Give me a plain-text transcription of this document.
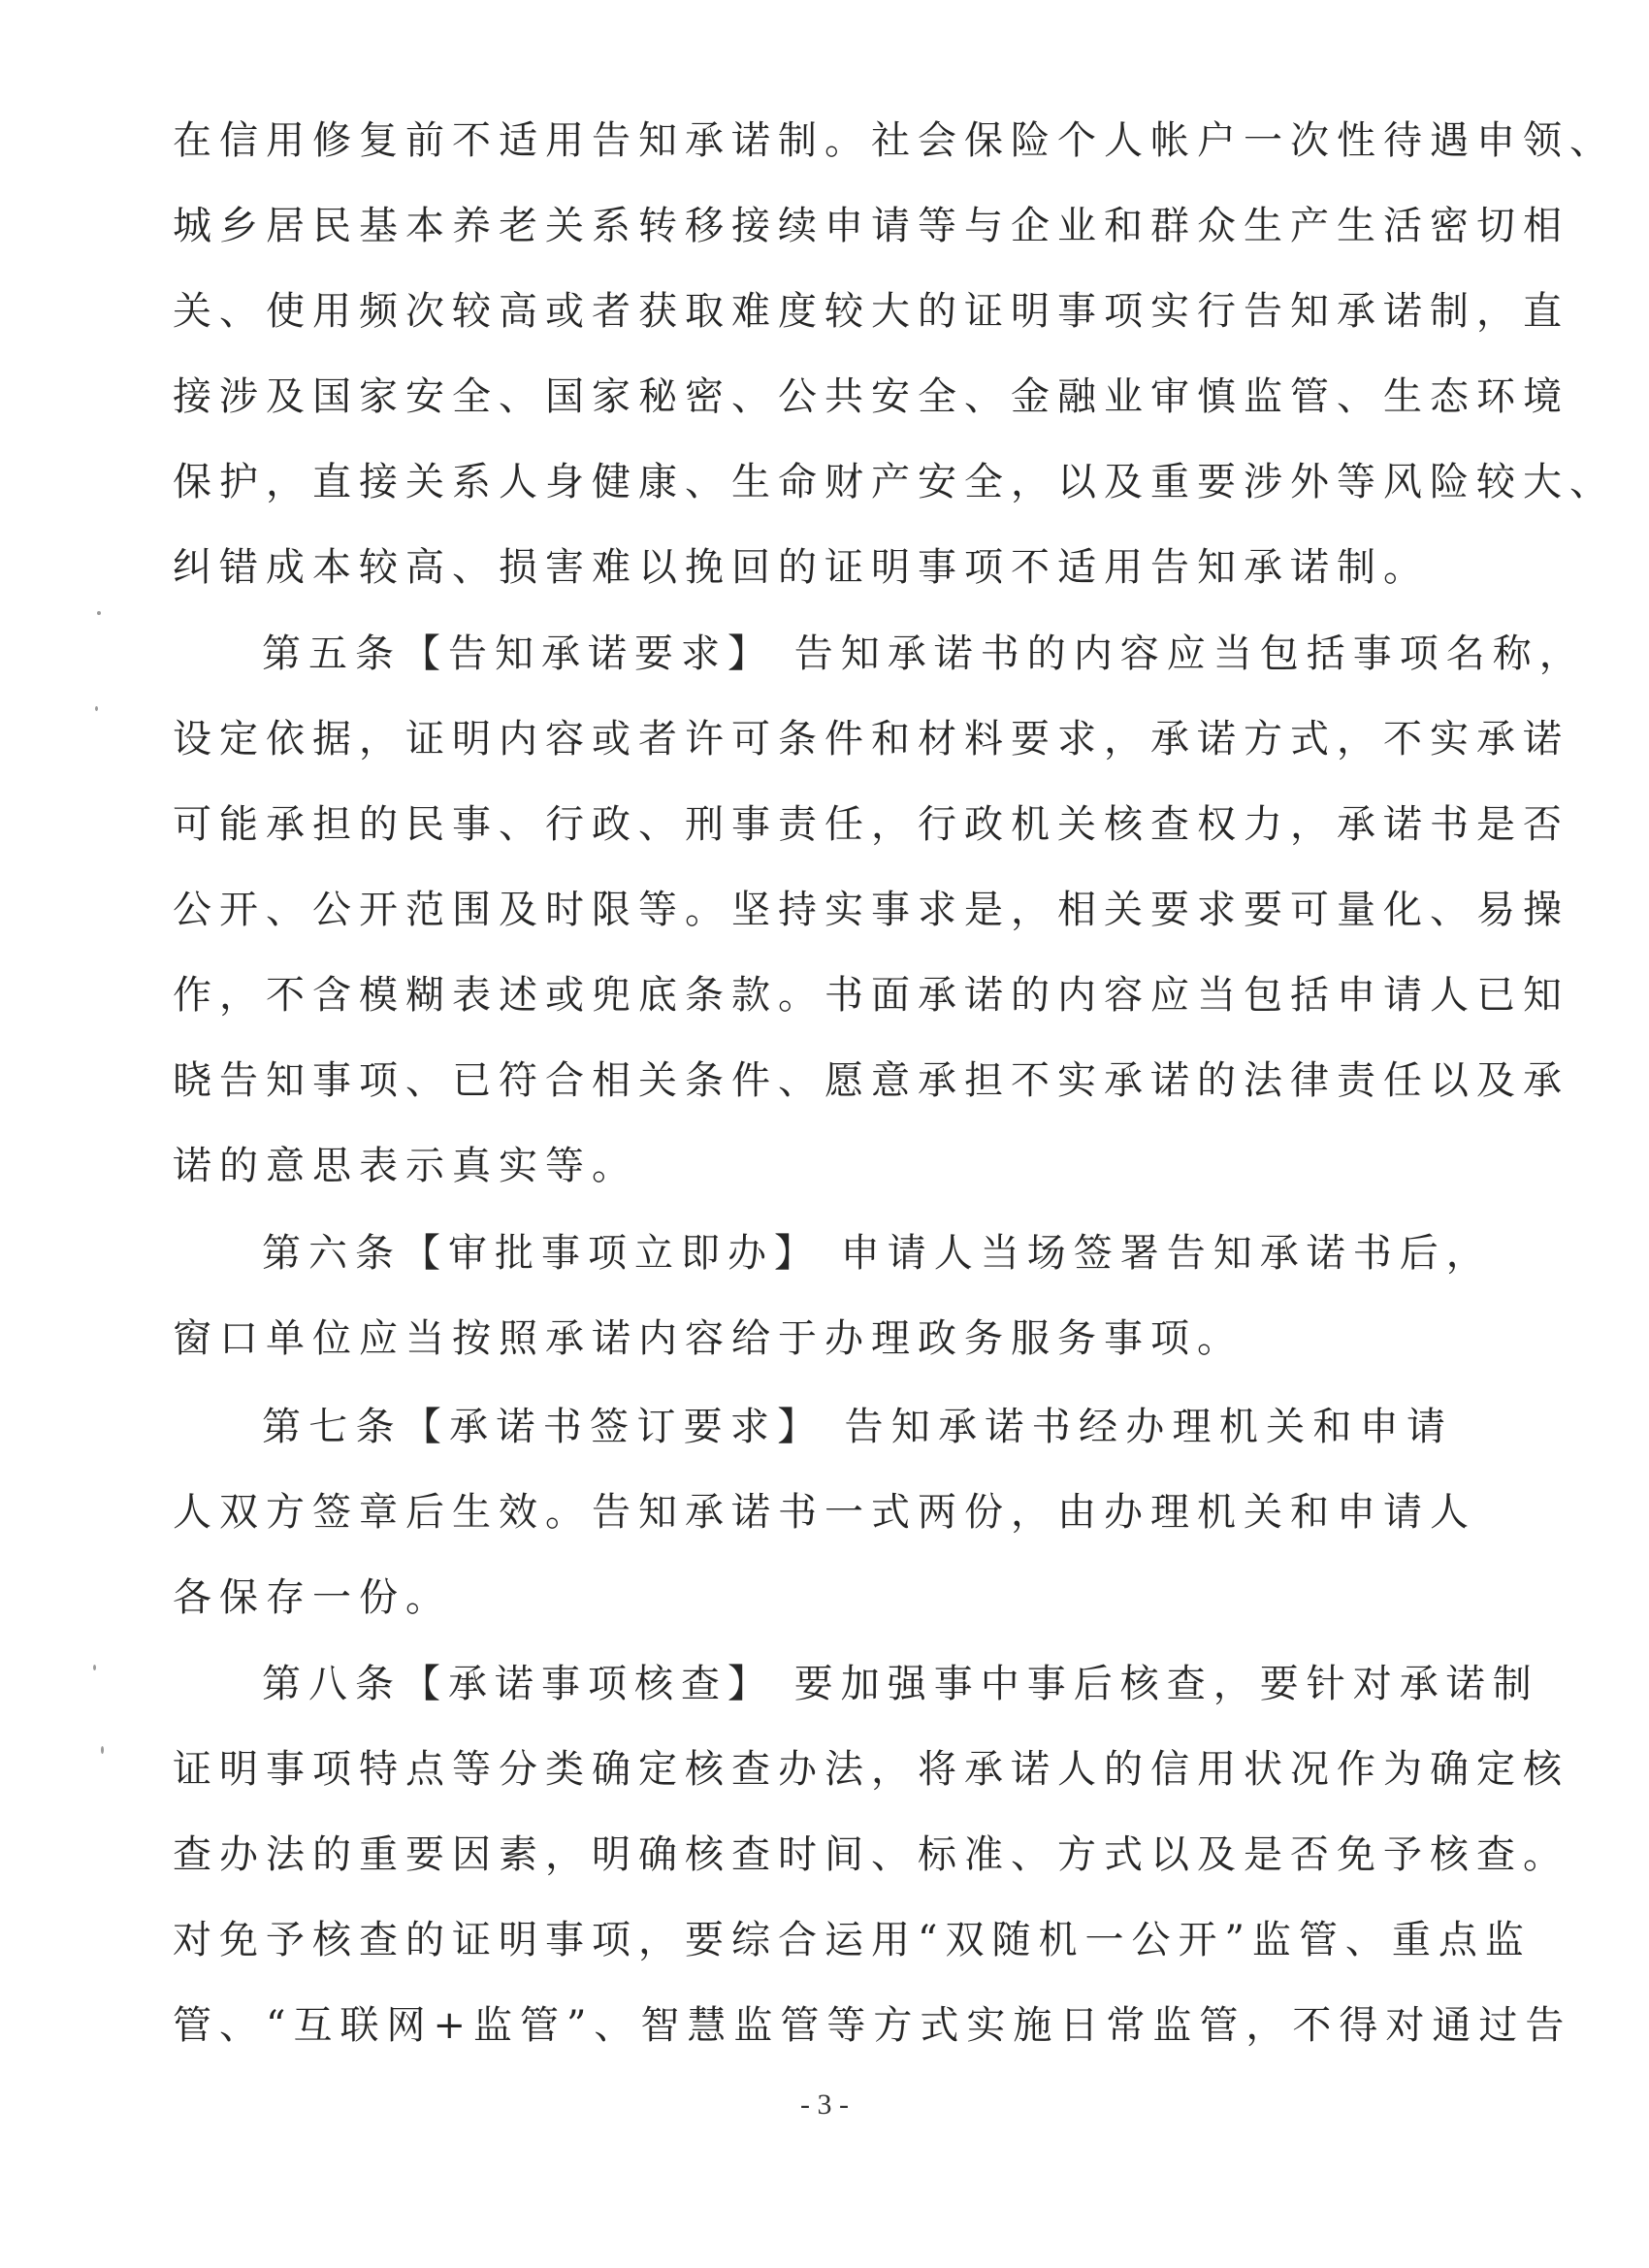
在信用修复前不适用告知承诺制。社会保险个人帐户一次性待遇申领、
城乡居民基本养老关系转移接续申请等与企业和群众生产生活密切相
关、使用频次较高或者获取难度较大的证明事项实行告知承诺制，直
接涉及国家安全、国家秘密、公共安全、金融业审慎监管、生态环境
保护，直接关系人身健康、生命财产安全，以及重要涉外等风险较大、
纠错成本较高、损害难以挽回的证明事项不适用告知承诺制。
第五条【告知承诺要求】 告知承诺书的内容应当包括事项名称，
设定依据，证明内容或者许可条件和材料要求，承诺方式，不实承诺
可能承担的民事、行政、刑事责任，行政机关核查权力，承诺书是否
公开、公开范围及时限等。坚持实事求是，相关要求要可量化、易操
作，不含模糊表述或兜底条款。书面承诺的内容应当包括申请人已知
晓告知事项、已符合相关条件、愿意承担不实承诺的法律责任以及承
诺的意思表示真实等。
第六条【审批事项立即办】 申请人当场签署告知承诺书后，
窗口单位应当按照承诺内容给于办理政务服务事项。
第七条【承诺书签订要求】 告知承诺书经办理机关和申请
人双方签章后生效。告知承诺书一式两份，由办理机关和申请人
各保存一份。
第八条【承诺事项核查】 要加强事中事后核查，要针对承诺制
证明事项特点等分类确定核查办法，将承诺人的信用状况作为确定核
查办法的重要因素，明确核查时间、标准、方式以及是否免予核查。
对免予核查的证明事项，要综合运用“双随机一公开”监管、重点监
管、“互联网+监管”、智慧监管等方式实施日常监管，不得对通过告
- 3 -
